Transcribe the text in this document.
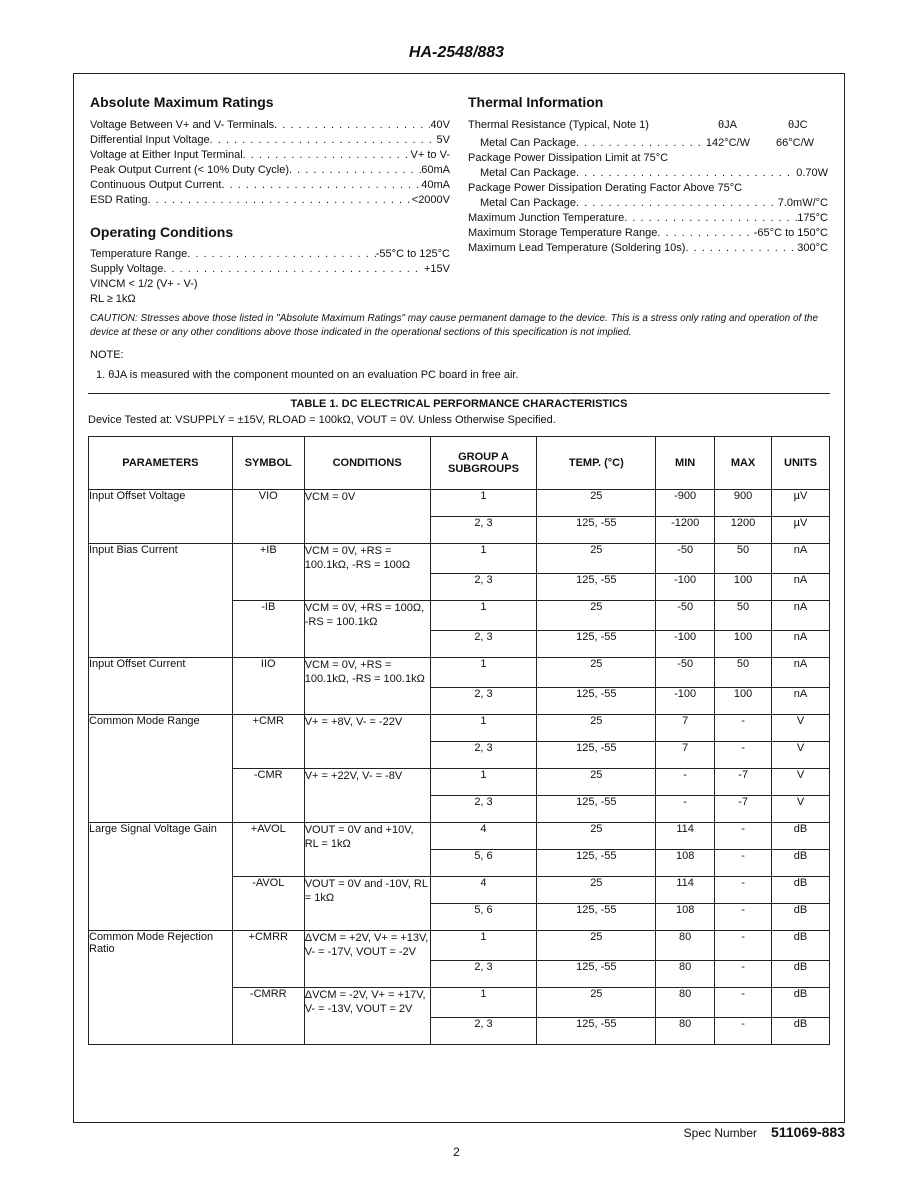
HA-2548/883
Absolute Maximum Ratings
Voltage Between V+ and V- Terminals . . .	40V
Differential Input Voltage . . .	5V
Voltage at Either Input Terminal . . .	V+ to V-
Peak Output Current (< 10% Duty Cycle) . . .	60mA
Continuous Output Current . . .	40mA
ESD Rating . . .	<2000V
Operating Conditions
Temperature Range . . .	-55°C to 125°C
Supply Voltage . . .	+15V
VINCM < 1/2 (V+ - V-)
RL ≥ 1kΩ
Thermal Information
Thermal Resistance (Typical, Note 1)	θJA	θJC
Metal Can Package . . .	142°C/W 66°C/W
Package Power Dissipation Limit at 75°C
Metal Can Package . . .	0.70W
Package Power Dissipation Derating Factor Above 75°C
Metal Can Package . . .	7.0mW/°C
Maximum Junction Temperature . . .	175°C
Maximum Storage Temperature Range . . .	-65°C to 150°C
Maximum Lead Temperature (Soldering 10s) . . .	300°C
CAUTION: Stresses above those listed in "Absolute Maximum Ratings" may cause permanent damage to the device. This is a stress only rating and operation of the device at these or any other conditions above those indicated in the operational sections of this specification is not implied.
NOTE:
1. θJA is measured with the component mounted on an evaluation PC board in free air.
TABLE 1. DC ELECTRICAL PERFORMANCE CHARACTERISTICS
Device Tested at: VSUPPLY = ±15V, RLOAD = 100kΩ, VOUT = 0V. Unless Otherwise Specified.
PARAMETERS	SYMBOL	CONDITIONS	GROUP A SUBGROUPS	TEMP. (°C)	MIN	MAX	UNITS
Input Offset Voltage	VIO	VCM = 0V	1	25	-900	900	µV
			2, 3	125, -55	-1200	1200	µV
Input Bias Current	+IB	VCM = 0V, +RS = 100.1kΩ, -RS = 100Ω	1	25	-50	50	nA
			2, 3	125, -55	-100	100	nA
	-IB	VCM = 0V, +RS = 100Ω, -RS = 100.1kΩ	1	25	-50	50	nA
			2, 3	125, -55	-100	100	nA
Input Offset Current	IIO	VCM = 0V, +RS = 100.1kΩ, -RS = 100.1kΩ	1	25	-50	50	nA
			2, 3	125, -55	-100	100	nA
Common Mode Range	+CMR	V+ = +8V, V- = -22V	1	25	7	-	V
			2, 3	125, -55	7	-	V
	-CMR	V+ = +22V, V- = -8V	1	25	-	-7	V
			2, 3	125, -55	-	-7	V
Large Signal Voltage Gain	+AVOL	VOUT = 0V and +10V, RL = 1kΩ	4	25	114	-	dB
			5, 6	125, -55	108	-	dB
	-AVOL	VOUT = 0V and -10V, RL = 1kΩ	4	25	114	-	dB
			5, 6	125, -55	108	-	dB
Common Mode Rejection Ratio	+CMRR	ΔVCM = +2V, V+ = +13V, V- = -17V, VOUT = -2V	1	25	80	-	dB
			2, 3	125, -55	80	-	dB
	-CMRR	ΔVCM = -2V, V+ = +17V, V- = -13V, VOUT = 2V	1	25	80	-	dB
			2, 3	125, -55	80	-	dB
Spec Number 511069-883
2
